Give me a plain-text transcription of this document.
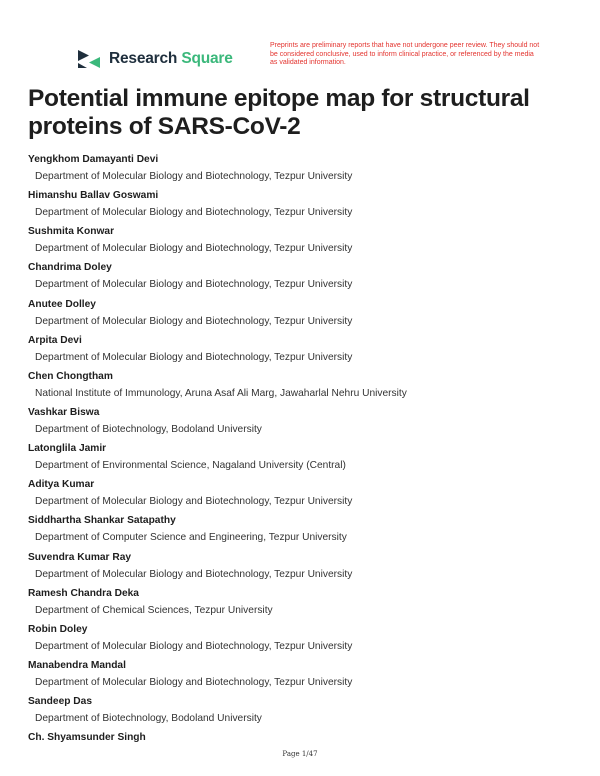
Research Square
Preprints are preliminary reports that have not undergone peer review. They should not be considered conclusive, used to inform clinical practice, or referenced by the media as validated information.
Potential immune epitope map for structural proteins of SARS-CoV-2
Yengkhom Damayanti Devi
Department of Molecular Biology and Biotechnology, Tezpur University
Himanshu Ballav Goswami
Department of Molecular Biology and Biotechnology, Tezpur University
Sushmita Konwar
Department of Molecular Biology and Biotechnology, Tezpur University
Chandrima Doley
Department of Molecular Biology and Biotechnology, Tezpur University
Anutee Dolley
Department of Molecular Biology and Biotechnology, Tezpur University
Arpita Devi
Department of Molecular Biology and Biotechnology, Tezpur University
Chen Chongtham
National Institute of Immunology, Aruna Asaf Ali Marg, Jawaharlal Nehru University
Vashkar Biswa
Department of Biotechnology, Bodoland University
Latonglila Jamir
Department of Environmental Science, Nagaland University (Central)
Aditya Kumar
Department of Molecular Biology and Biotechnology, Tezpur University
Siddhartha Shankar Satapathy
Department of Computer Science and Engineering, Tezpur University
Suvendra Kumar Ray
Department of Molecular Biology and Biotechnology, Tezpur University
Ramesh Chandra Deka
Department of Chemical Sciences, Tezpur University
Robin Doley
Department of Molecular Biology and Biotechnology, Tezpur University
Manabendra Mandal
Department of Molecular Biology and Biotechnology, Tezpur University
Sandeep Das
Department of Biotechnology, Bodoland University
Ch. Shyamsunder Singh
Page 1/47
